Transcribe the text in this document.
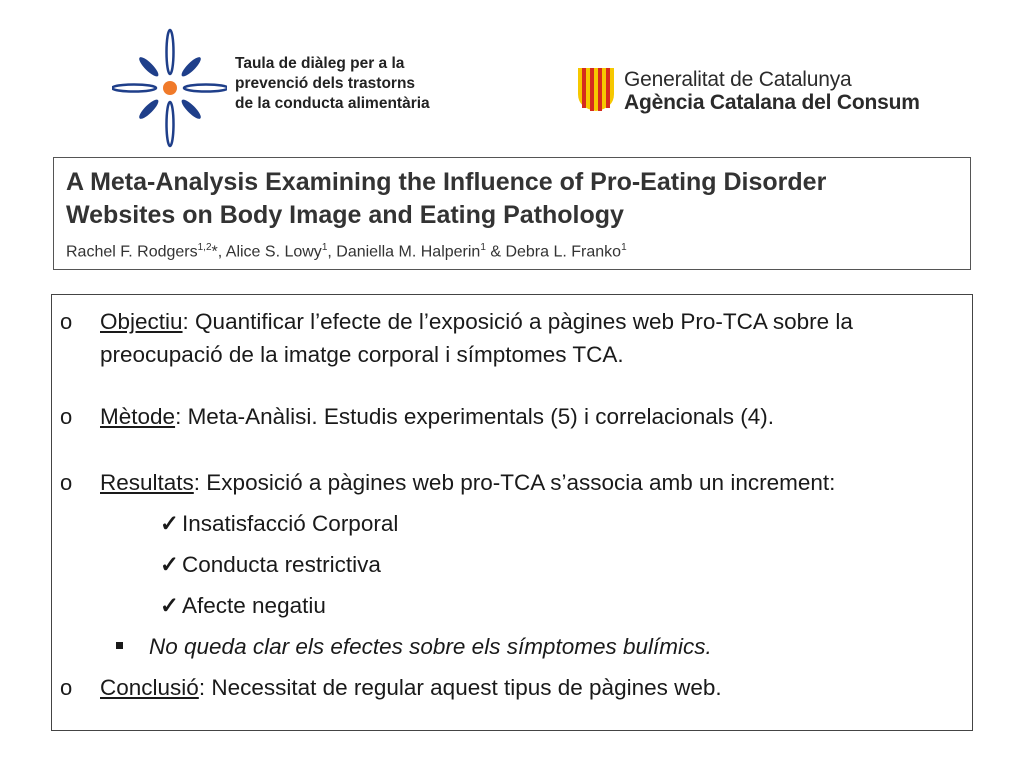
Taula de diàleg per a la
prevenció dels trastorns
de la conducta alimentària
Generalitat de Catalunya
Agència Catalana del Consum
A Meta-Analysis Examining the Influence of Pro-Eating Disorder
Websites on Body Image and Eating Pathology
Rachel F. Rodgers$^{1,2}$*, Alice S. Lowy$^1$, Daniella M. Halperin$^1$ & Debra L. Franko$^1$
o	Objectiu: Quantificar l’efecte de l’exposició a pàgines web Pro-TCA sobre la
preocupació de la imatge corporal i símptomes TCA.
o	Mètode: Meta-Anàlisi. Estudis experimentals (5) i correlacionals (4).
o	Resultats: Exposició a pàgines web pro-TCA s’associa amb un increment:
✓ Insatisfacció Corporal
✓ Conducta restrictiva
✓ Afecte negatiu
No queda clar els efectes sobre els símptomes bulímics.
o	Conclusió: Necessitat de regular aquest tipus de pàgines web.
